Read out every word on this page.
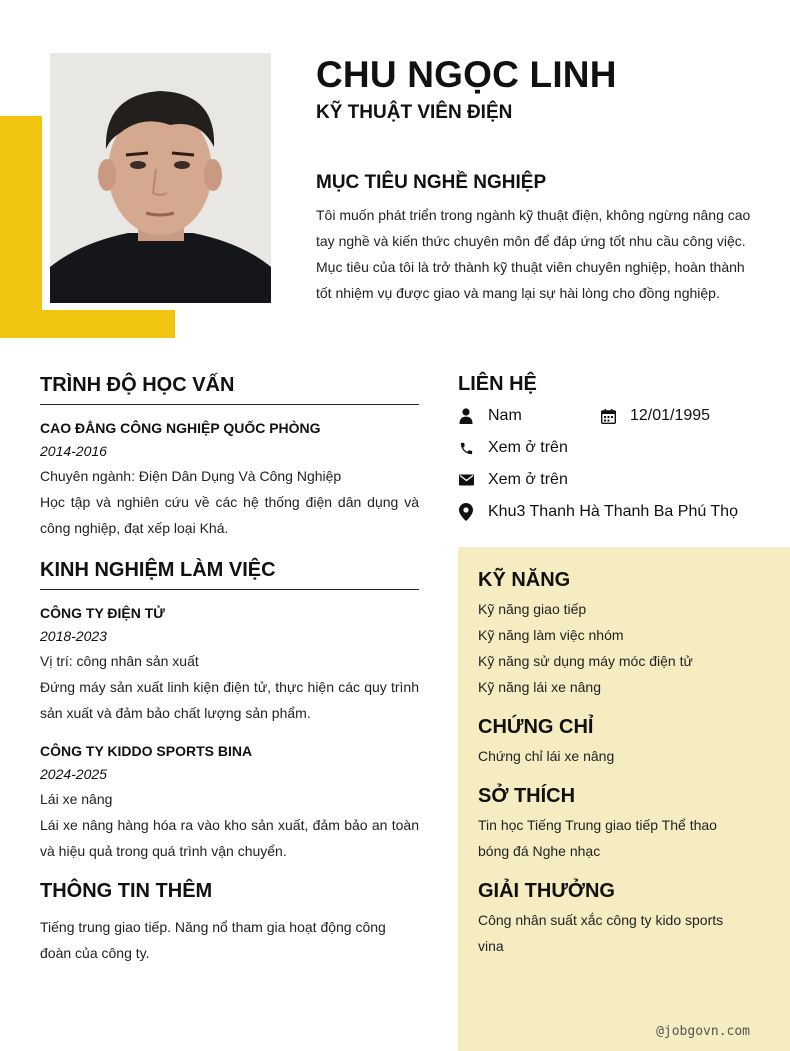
CHU NGỌC LINH
KỸ THUẬT VIÊN ĐIỆN
MỤC TIÊU NGHỀ NGHIỆP
Tôi muốn phát triển trong ngành kỹ thuật điện, không ngừng nâng cao tay nghề và kiến thức chuyên môn để đáp ứng tốt nhu cầu công việc. Mục tiêu của tôi là trở thành kỹ thuật viên chuyên nghiệp, hoàn thành tốt nhiệm vụ được giao và mang lại sự hài lòng cho đồng nghiệp.
TRÌNH ĐỘ HỌC VẤN
CAO ĐẲNG CÔNG NGHIỆP QUỐC PHÒNG
2014-2016
Chuyên ngành: Điện Dân Dụng Và Công Nghiệp
Học tập và nghiên cứu về các hệ thống điện dân dụng và công nghiệp, đạt xếp loại Khá.
KINH NGHIỆM LÀM VIỆC
CÔNG TY ĐIỆN TỬ
2018-2023
Vị trí: công nhân sản xuất
Đứng máy sản xuất linh kiện điện tử, thực hiện các quy trình sản xuất và đảm bảo chất lượng sản phẩm.
CÔNG TY KIDDO SPORTS BINA
2024-2025
Lái xe nâng
Lái xe nâng hàng hóa ra vào kho sản xuất, đảm bảo an toàn và hiệu quả trong quá trình vận chuyển.
THÔNG TIN THÊM
Tiếng trung giao tiếp. Năng nổ tham gia hoạt động công đoàn của công ty.
LIÊN HỆ
Nam	12/01/1995
Xem ở trên
Xem ở trên
Khu3 Thanh Hà Thanh Ba Phú Thọ
KỸ NĂNG
Kỹ năng giao tiếp
Kỹ năng làm việc nhóm
Kỹ năng sử dụng máy móc điện tử
Kỹ năng lái xe nâng
CHỨNG CHỈ
Chứng chỉ lái xe nâng
SỞ THÍCH
Tin học Tiếng Trung giao tiếp Thể thao bóng đá Nghe nhạc
GIẢI THƯỞNG
Công nhân suất xắc công ty kido sports vina
@jobgovn.com
